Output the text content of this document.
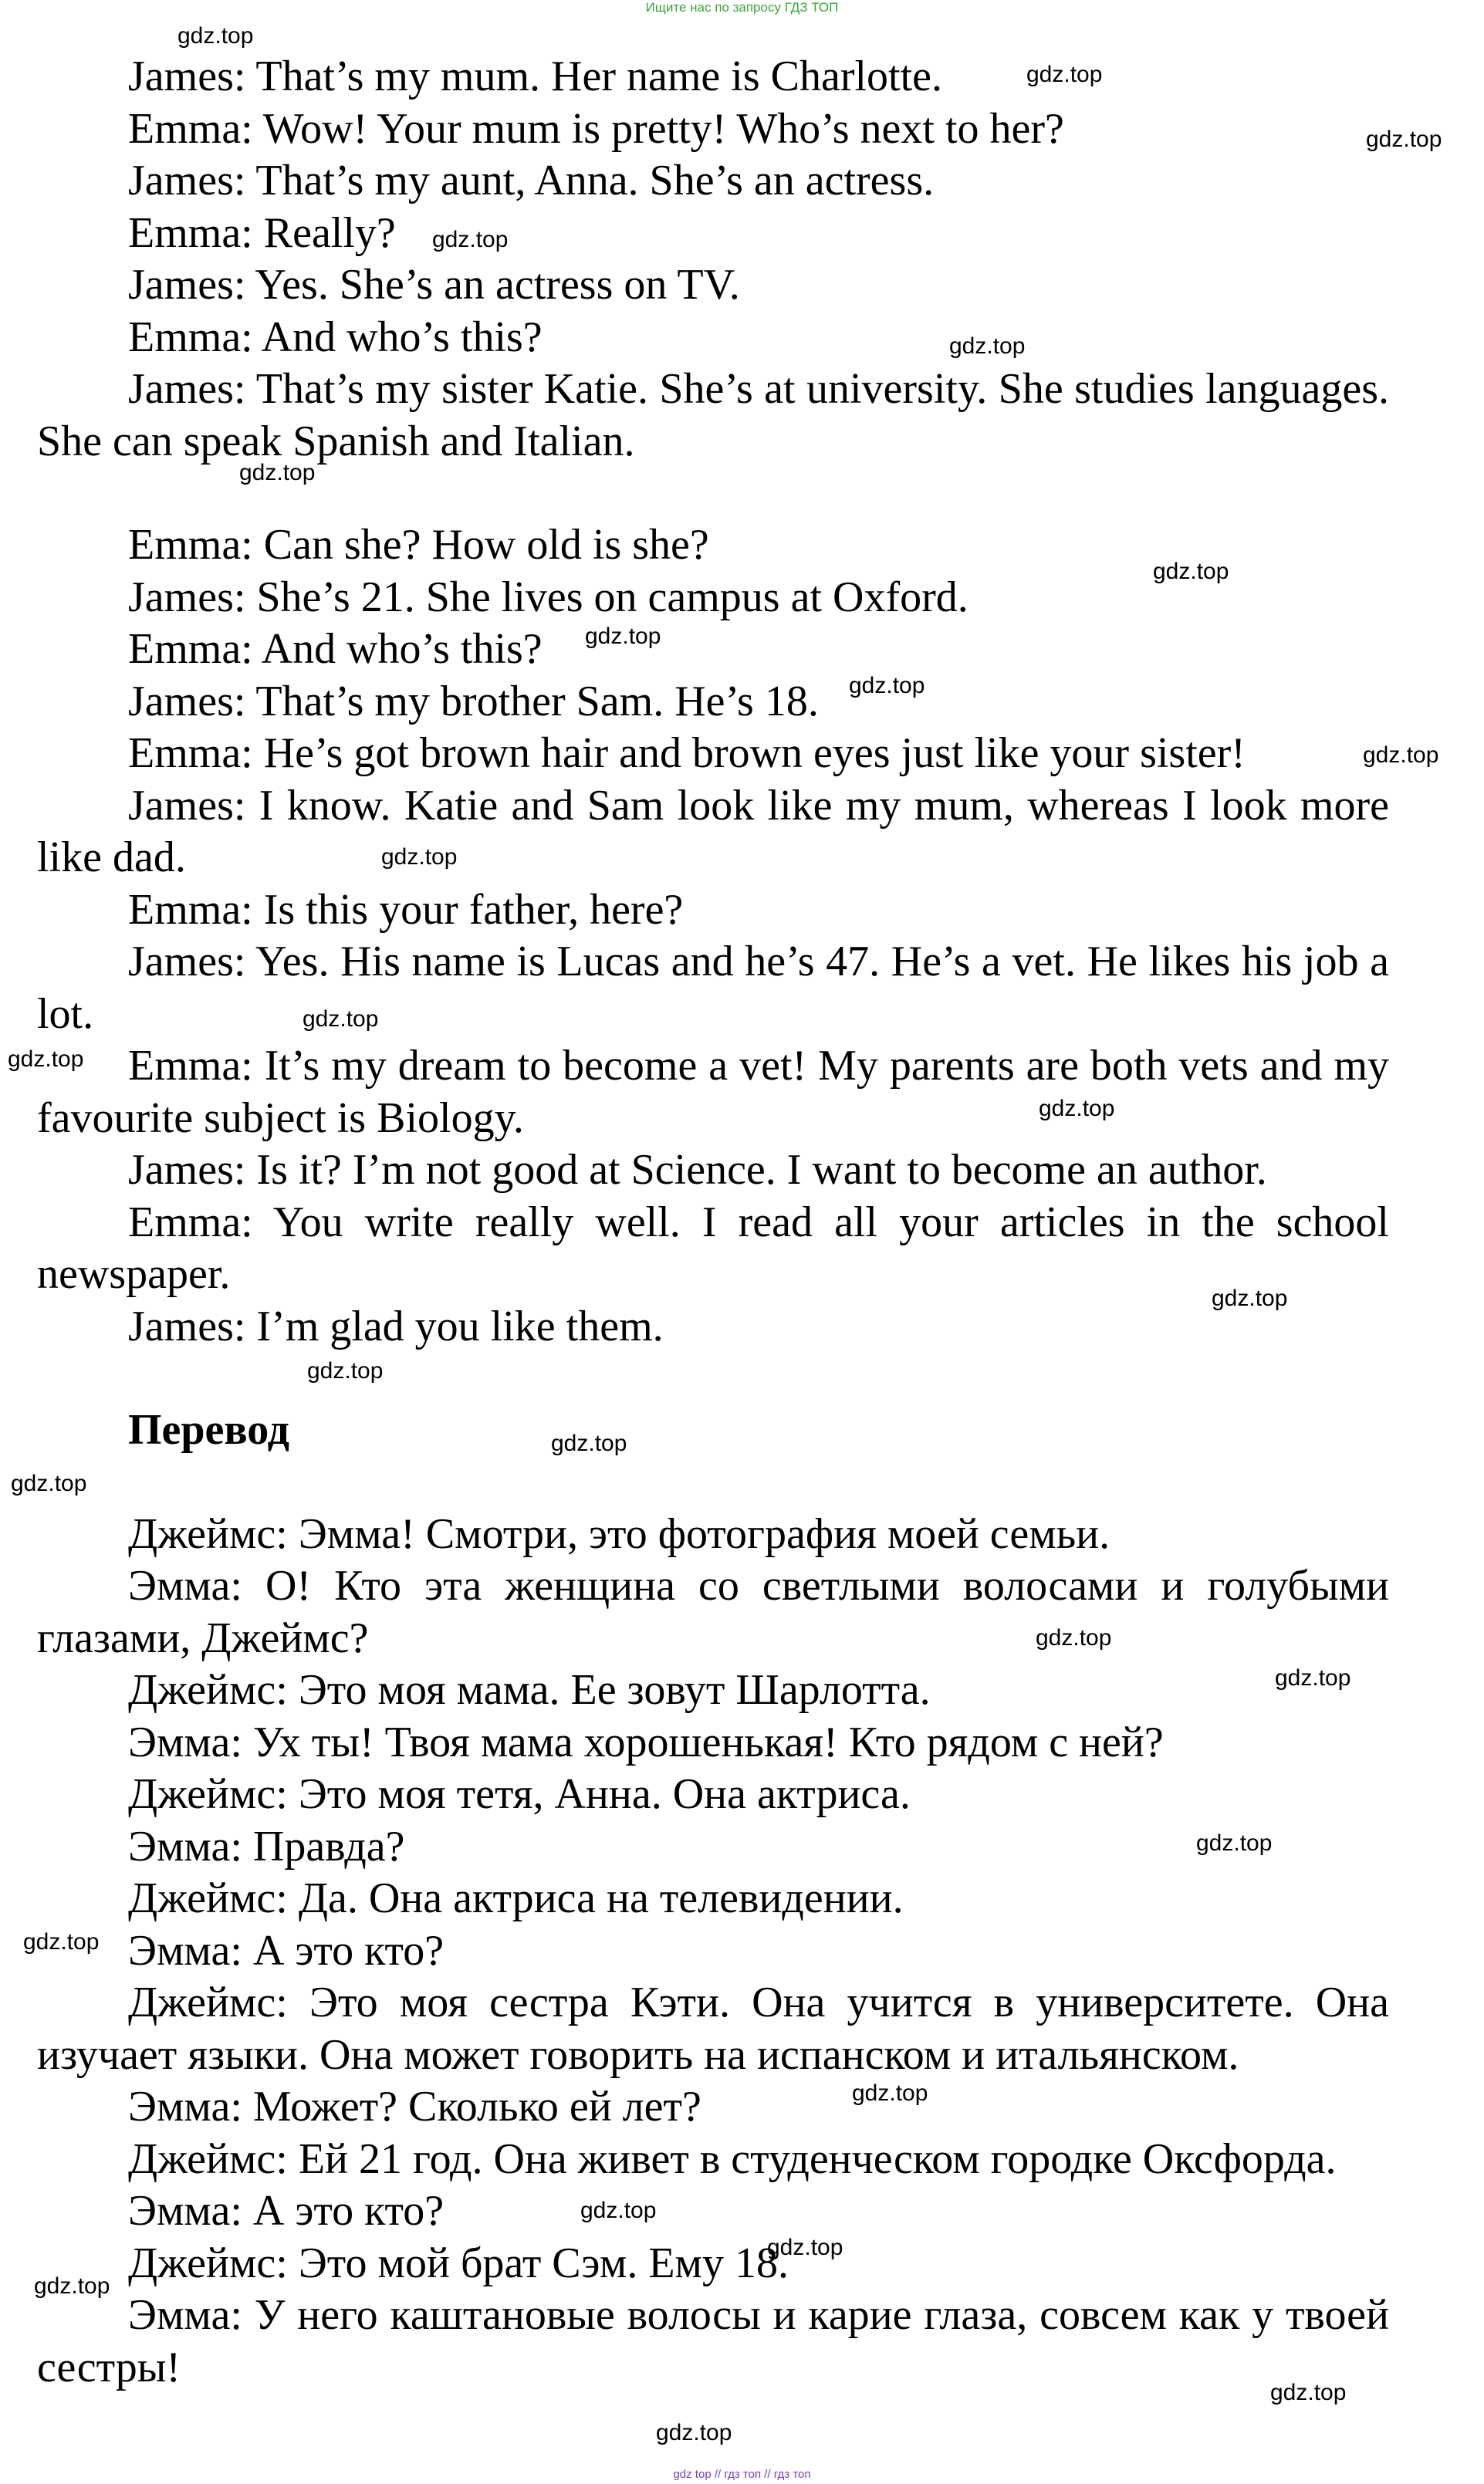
Ищите нас по запросу ГДЗ ТОП

James: That’s my mum. Her name is Charlotte.

Emma: Wow! Your mum is pretty! Who’s next to her?

James: That’s my aunt, Anna. She’s an actress.

Emma: Really?

James: Yes. She’s an actress on TV.

Emma: And who’s this?

James: That’s my sister Katie. She’s at university. She studies languages. She can speak Spanish and Italian.

Emma: Can she? How old is she?

James: She’s 21. She lives on campus at Oxford.

Emma: And who’s this?

James: That’s my brother Sam. He’s 18.

Emma: He’s got brown hair and brown eyes just like your sister!

James: I know. Katie and Sam look like my mum, whereas I look more like dad.

Emma: Is this your father, here?

James: Yes. His name is Lucas and he’s 47. He’s a vet. He likes his job a lot.

Emma: It’s my dream to become a vet! My parents are both vets and my favourite subject is Biology.

James: Is it? I’m not good at Science. I want to become an author.

Emma: You write really well. I read all your articles in the school newspaper.

James: I’m glad you like them.

Перевод

Джеймс: Эмма! Смотри, это фотография моей семьи.

Эмма: О! Кто эта женщина со светлыми волосами и голубыми глазами, Джеймс?

Джеймс: Это моя мама. Ее зовут Шарлотта.

Эмма: Ух ты! Твоя мама хорошенькая! Кто рядом с ней?

Джеймс: Это моя тетя, Анна. Она актриса.

Эмма: Правда?

Джеймс: Да. Она актриса на телевидении.

Эмма: А это кто?

Джеймс: Это моя сестра Кэти. Она учится в университете. Она изучает языки. Она может говорить на испанском и итальянском.

Эмма: Может? Сколько ей лет?

Джеймс: Ей 21 год. Она живет в студенческом городке Оксфорда.

Эмма: А это кто?

Джеймс: Это мой брат Сэм. Ему 18.

Эмма: У него каштановые волосы и карие глаза, совсем как у твоей сестры!

gdz.top
gdz.top
gdz.top
gdz.top
gdz.top
gdz.top
gdz.top
gdz.top
gdz.top
gdz.top
gdz.top
gdz.top
gdz.top
gdz.top
gdz.top
gdz.top
gdz.top
gdz.top
gdz.top
gdz.top
gdz.top
gdz.top
gdz.top
gdz.top
gdz.top
gdz.top
gdz.top
gdz.top
gdz top // гдз топ // гдз топ
